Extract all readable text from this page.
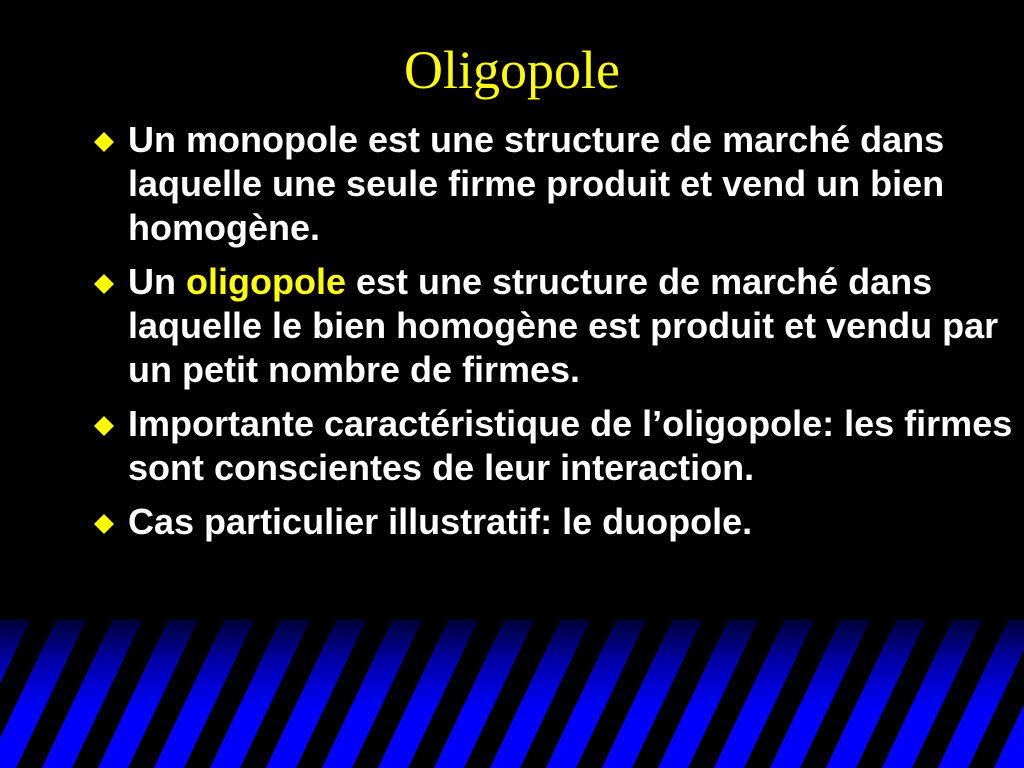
Oligopole
Un monopole est une structure de marché dans laquelle une seule firme produit et vend un bien homogène.
Un oligopole est une structure de marché dans laquelle le bien homogène est produit et vendu par un petit nombre de firmes.
Importante caractéristique de l’oligopole: les firmes sont conscientes de leur interaction.
Cas particulier illustratif: le duopole.
